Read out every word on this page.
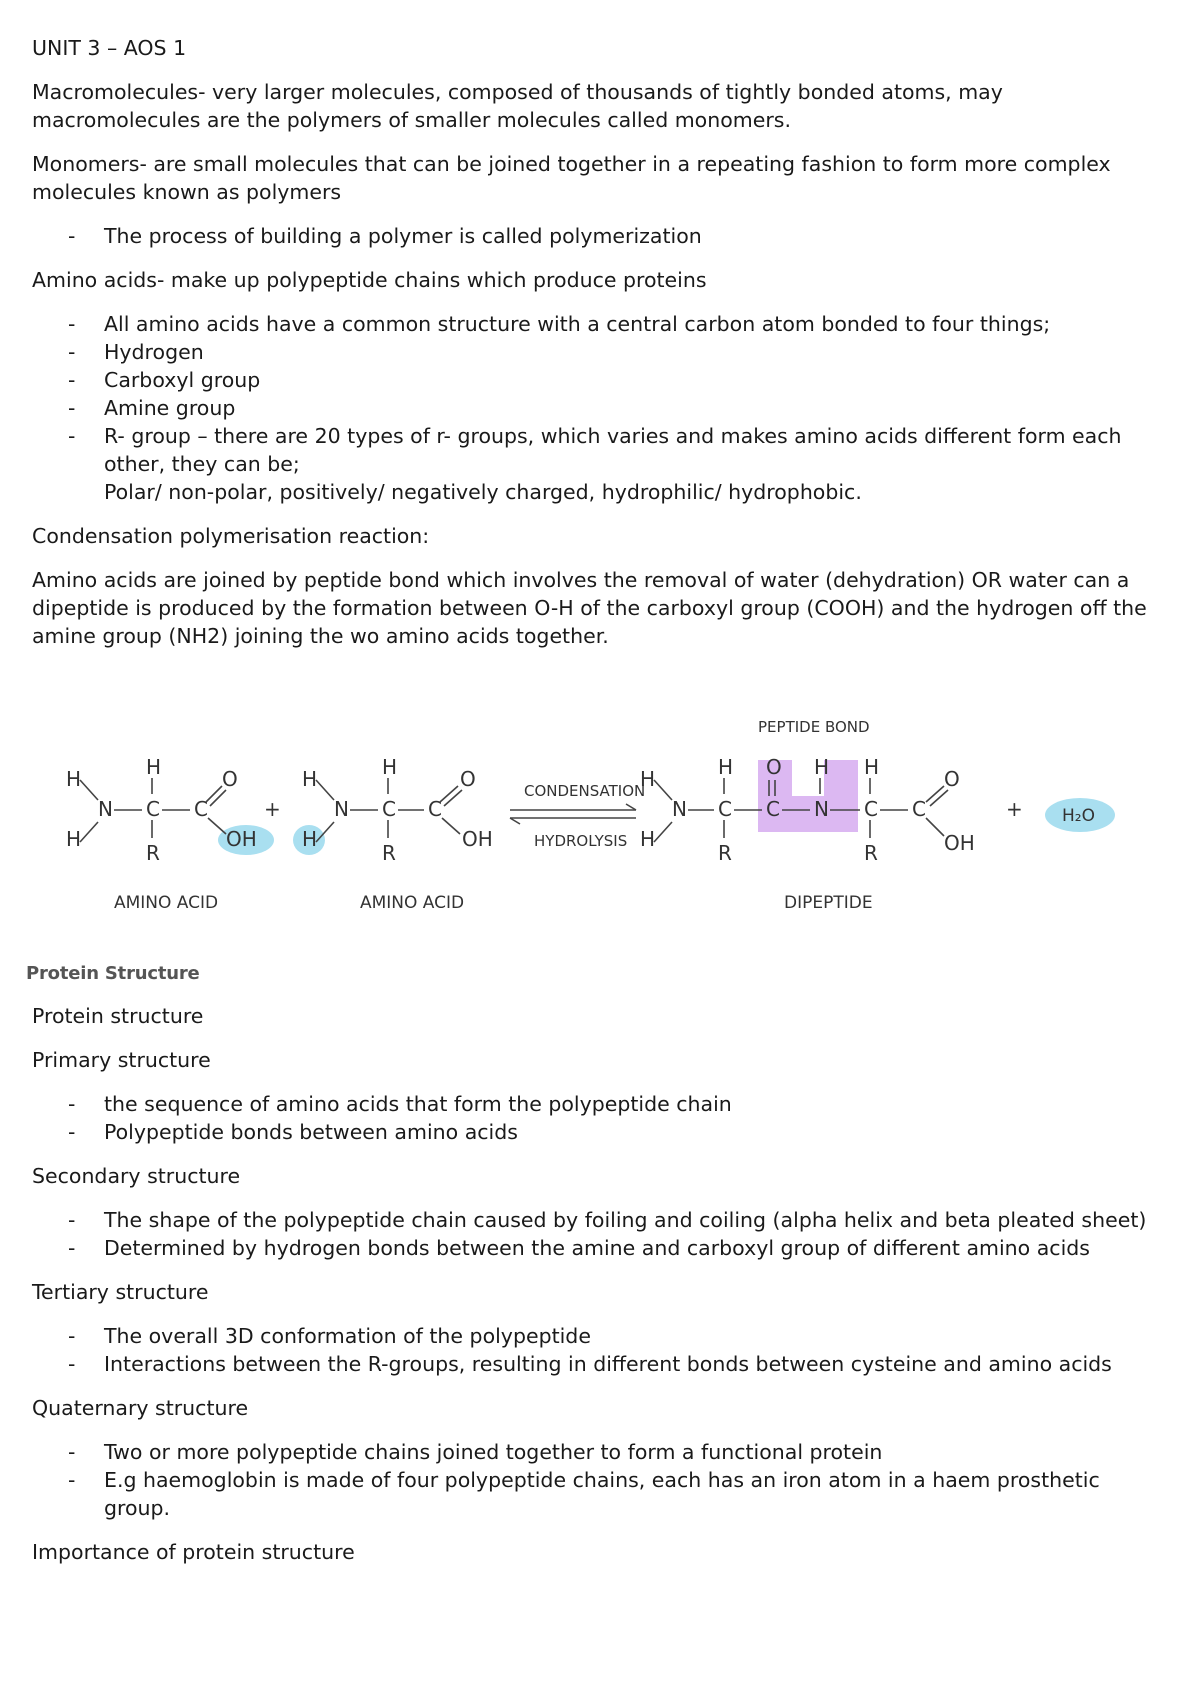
UNIT 3 – AOS 1

Macromolecules- very larger molecules, composed of thousands of tightly bonded atoms, may macromolecules are the polymers of smaller molecules called monomers.

Monomers- are small molecules that can be joined together in a repeating fashion to form more complex molecules known as polymers

- The process of building a polymer is called polymerization

Amino acids- make up polypeptide chains which produce proteins

- All amino acids have a common structure with a central carbon atom bonded to four things;
- Hydrogen
- Carboxyl group
- Amine group
- R- group – there are 20 types of r- groups, which varies and makes amino acids different form each other, they can be;
Polar/ non-polar, positively/ negatively charged, hydrophilic/ hydrophobic.

Condensation polymerisation reaction:

Amino acids are joined by peptide bond which involves the removal of water (dehydration) OR water can a dipeptide is produced by the formation between O-H of the carboxyl group (COOH) and the hydrogen off the amine group (NH2) joining the wo amino acids together.

H
H
N C
H
R
C
O
OH
+
AMINO ACID
H
H
N C
H
R
C
O
OH
AMINO ACID
CONDENSATION
HYDROLYSIS
H
H
N C
H
R
C
O
N
H
C
H
R
C
O
OH
+ H₂O
PEPTIDE BOND
DIPEPTIDE
Protein Structure

Protein structure

Primary structure

- the sequence of amino acids that form the polypeptide chain
- Polypeptide bonds between amino acids

Secondary structure

- The shape of the polypeptide chain caused by foiling and coiling (alpha helix and beta pleated sheet)
- Determined by hydrogen bonds between the amine and carboxyl group of different amino acids

Tertiary structure

- The overall 3D conformation of the polypeptide
- Interactions between the R-groups, resulting in different bonds between cysteine and amino acids

Quaternary structure

- Two or more polypeptide chains joined together to form a functional protein
- E.g haemoglobin is made of four polypeptide chains, each has an iron atom in a haem prosthetic group.

Importance of protein structure
